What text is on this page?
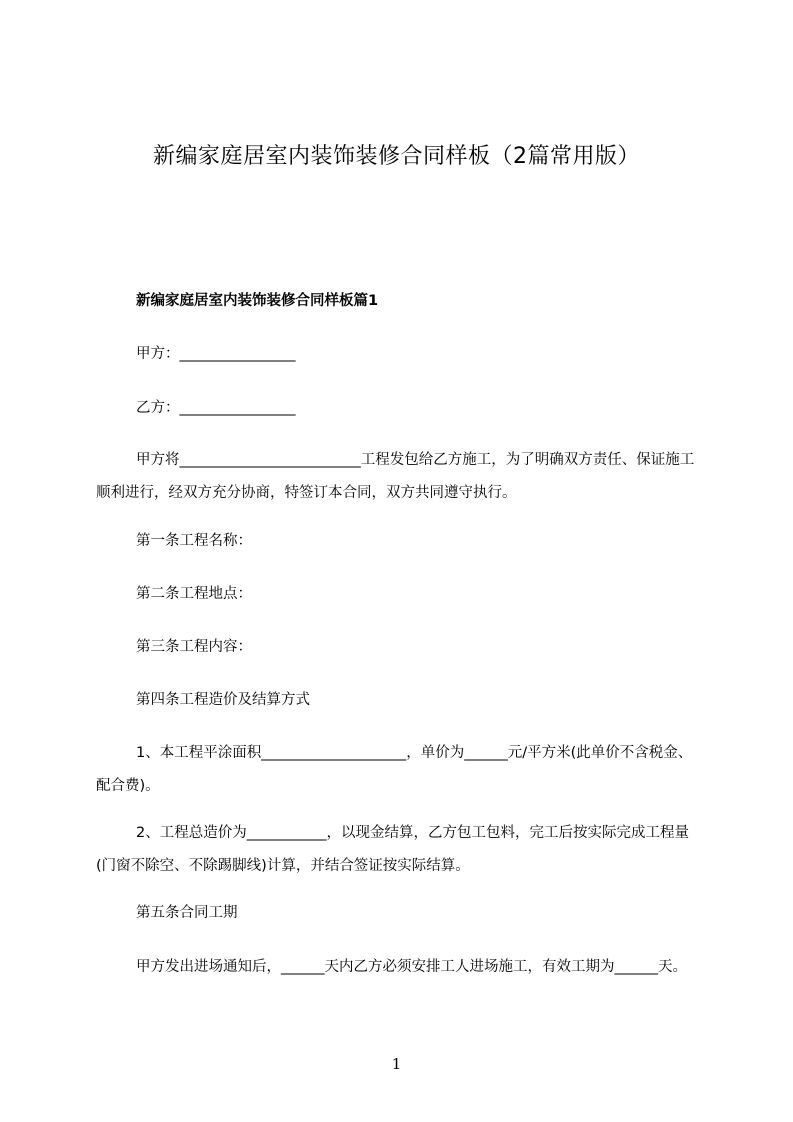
新编家庭居室内装饰装修合同样板（2篇常用版）
新编家庭居室内装饰装修合同样板篇1
甲方：________________
乙方：________________
甲方将_________________________工程发包给乙方施工，为了明确双方责任、保证施工顺利进行，经双方充分协商，特签订本合同，双方共同遵守执行。
第一条工程名称：
第二条工程地点：
第三条工程内容：
第四条工程造价及结算方式
1、本工程平涂面积____________________，单价为______元/平方米(此单价不含税金、配合费)。
2、工程总造价为___________，以现金结算，乙方包工包料，完工后按实际完成工程量(门窗不除空、不除踢脚线)计算，并结合签证按实际结算。
第五条合同工期
甲方发出进场通知后，______天内乙方必须安排工人进场施工，有效工期为______天。
1
